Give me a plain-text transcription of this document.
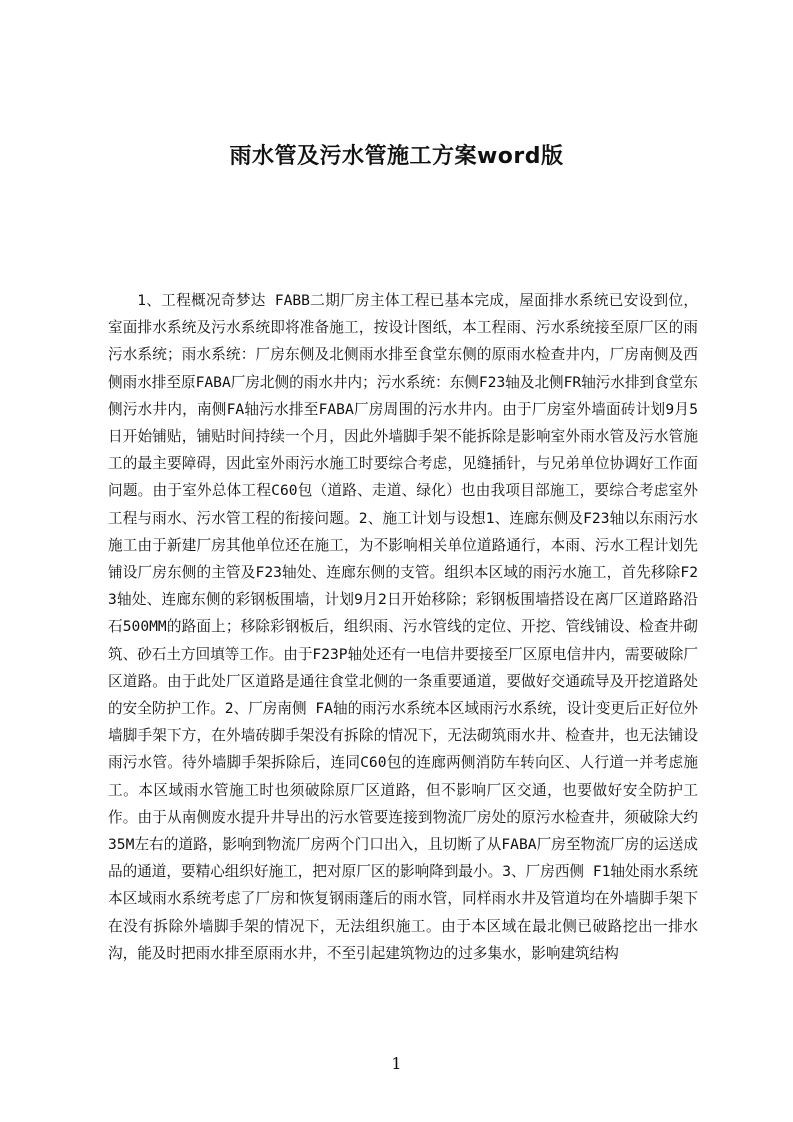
雨水管及污水管施工方案word版
1、工程概况奇梦达 FABB二期厂房主体工程已基本完成，屋面排水系统已安设到位，室面排水系统及污水系统即将准备施工，按设计图纸，本工程雨、污水系统接至原厂区的雨污水系统；雨水系统：厂房东侧及北侧雨水排至食堂东侧的原雨水检查井内，厂房南侧及西侧雨水排至原FABA厂房北侧的雨水井内；污水系统：东侧F23轴及北侧FR轴污水排到食堂东侧污水井内，南侧FA轴污水排至FABA厂房周围的污水井内。由于厂房室外墙面砖计划9月5日开始铺贴，铺贴时间持续一个月，因此外墙脚手架不能拆除是影响室外雨水管及污水管施工的最主要障碍，因此室外雨污水施工时要综合考虑，见缝插针，与兄弟单位协调好工作面问题。由于室外总体工程C60包（道路、走道、绿化）也由我项目部施工，要综合考虑室外工程与雨水、污水管工程的衔接问题。2、施工计划与设想1、连廊东侧及F23轴以东雨污水施工由于新建厂房其他单位还在施工，为不影响相关单位道路通行，本雨、污水工程计划先铺设厂房东侧的主管及F23轴处、连廊东侧的支管。组织本区域的雨污水施工，首先移除F23轴处、连廊东侧的彩钢板围墙，计划9月2日开始移除；彩钢板围墙搭设在离厂区道路路沿石500MM的路面上；移除彩钢板后，组织雨、污水管线的定位、开挖、管线铺设、检查井砌筑、砂石土方回填等工作。由于F23P轴处还有一电信井要接至厂区原电信井内，需要破除厂区道路。由于此处厂区道路是通往食堂北侧的一条重要通道，要做好交通疏导及开挖道路处的安全防护工作。2、厂房南侧 FA轴的雨污水系统本区域雨污水系统，设计变更后正好位外墙脚手架下方，在外墙砖脚手架没有拆除的情况下，无法砌筑雨水井、检查井，也无法铺设雨污水管。待外墙脚手架拆除后，连同C60包的连廊两侧消防车转向区、人行道一并考虑施工。本区域雨水管施工时也须破除原厂区道路，但不影响厂区交通，也要做好安全防护工作。由于从南侧废水提升井导出的污水管要连接到物流厂房处的原污水检查井，须破除大约35M左右的道路，影响到物流厂房两个门口出入，且切断了从FABA厂房至物流厂房的运送成品的通道，要精心组织好施工，把对原厂区的影响降到最小。3、厂房西侧 F1轴处雨水系统本区域雨水系统考虑了厂房和恢复钢雨蓬后的雨水管，同样雨水井及管道均在外墙脚手架下在没有拆除外墙脚手架的情况下，无法组织施工。由于本区域在最北侧已破路挖出一排水沟，能及时把雨水排至原雨水井，不至引起建筑物边的过多集水，影响建筑结构
1
